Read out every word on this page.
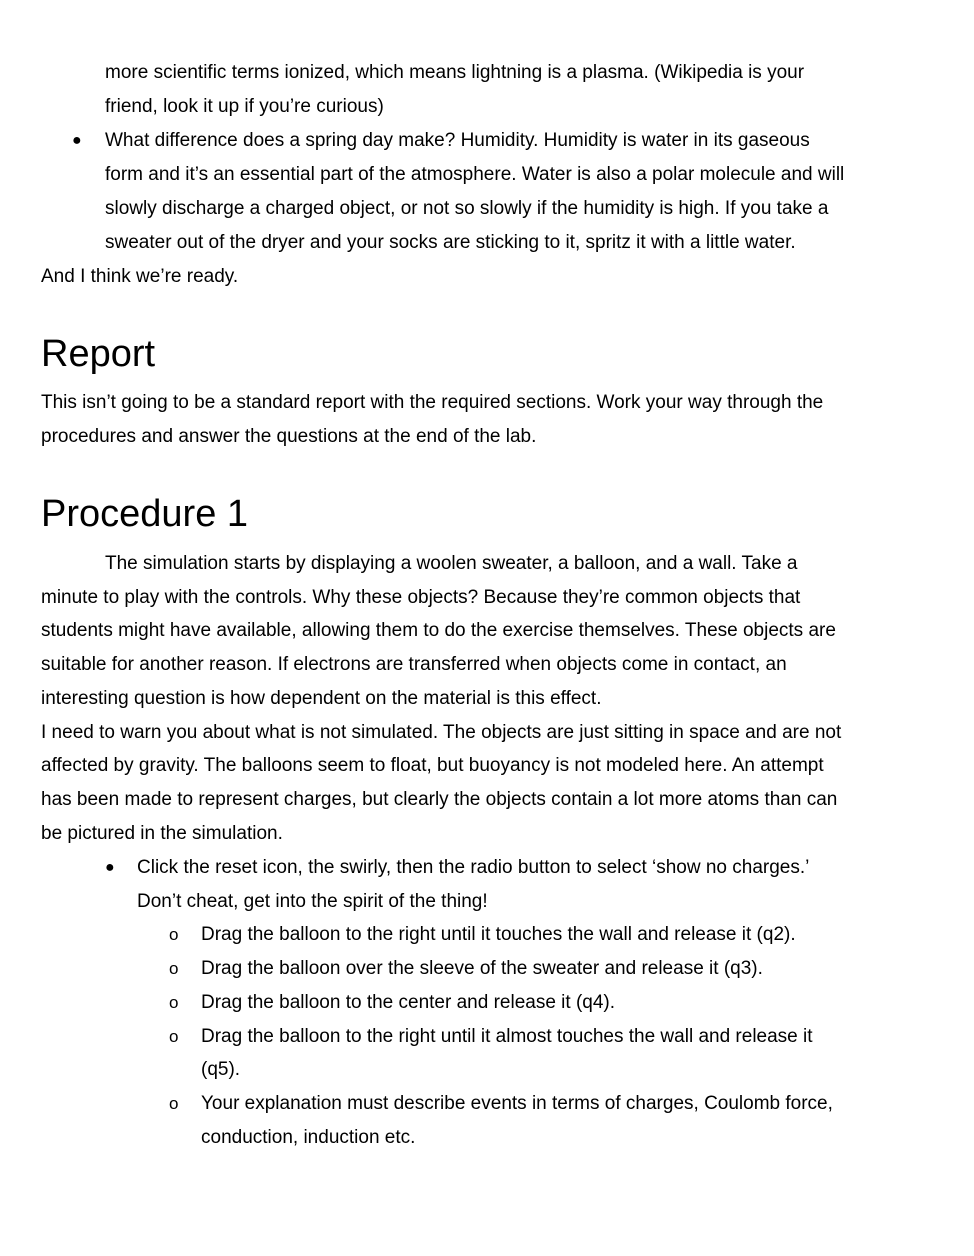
more scientific terms ionized, which means lightning is a plasma. (Wikipedia is your

friend, look it up if you’re curious)

● What difference does a spring day make? Humidity. Humidity is water in its gaseous

form and it’s an essential part of the atmosphere. Water is also a polar molecule and will

slowly discharge a charged object, or not so slowly if the humidity is high. If you take a

sweater out of the dryer and your socks are sticking to it, spritz it with a little water.

And I think we’re ready.

Report

This isn’t going to be a standard report with the required sections. Work your way through the

procedures and answer the questions at the end of the lab.

Procedure 1

The simulation starts by displaying a woolen sweater, a balloon, and a wall. Take a

minute to play with the controls. Why these objects? Because they’re common objects that

students might have available, allowing them to do the exercise themselves. These objects are

suitable for another reason. If electrons are transferred when objects come in contact, an

interesting question is how dependent on the material is this effect.

I need to warn you about what is not simulated. The objects are just sitting in space and are not

affected by gravity. The balloons seem to float, but buoyancy is not modeled here. An attempt

has been made to represent charges, but clearly the objects contain a lot more atoms than can

be pictured in the simulation.

● Click the reset icon, the swirly, then the radio button to select ‘show no charges.’

Don’t cheat, get into the spirit of the thing!

o Drag the balloon to the right until it touches the wall and release it (q2).

o Drag the balloon over the sleeve of the sweater and release it (q3).

o Drag the balloon to the center and release it (q4).

o Drag the balloon to the right until it almost touches the wall and release it

(q5).

o Your explanation must describe events in terms of charges, Coulomb force,

conduction, induction etc.
